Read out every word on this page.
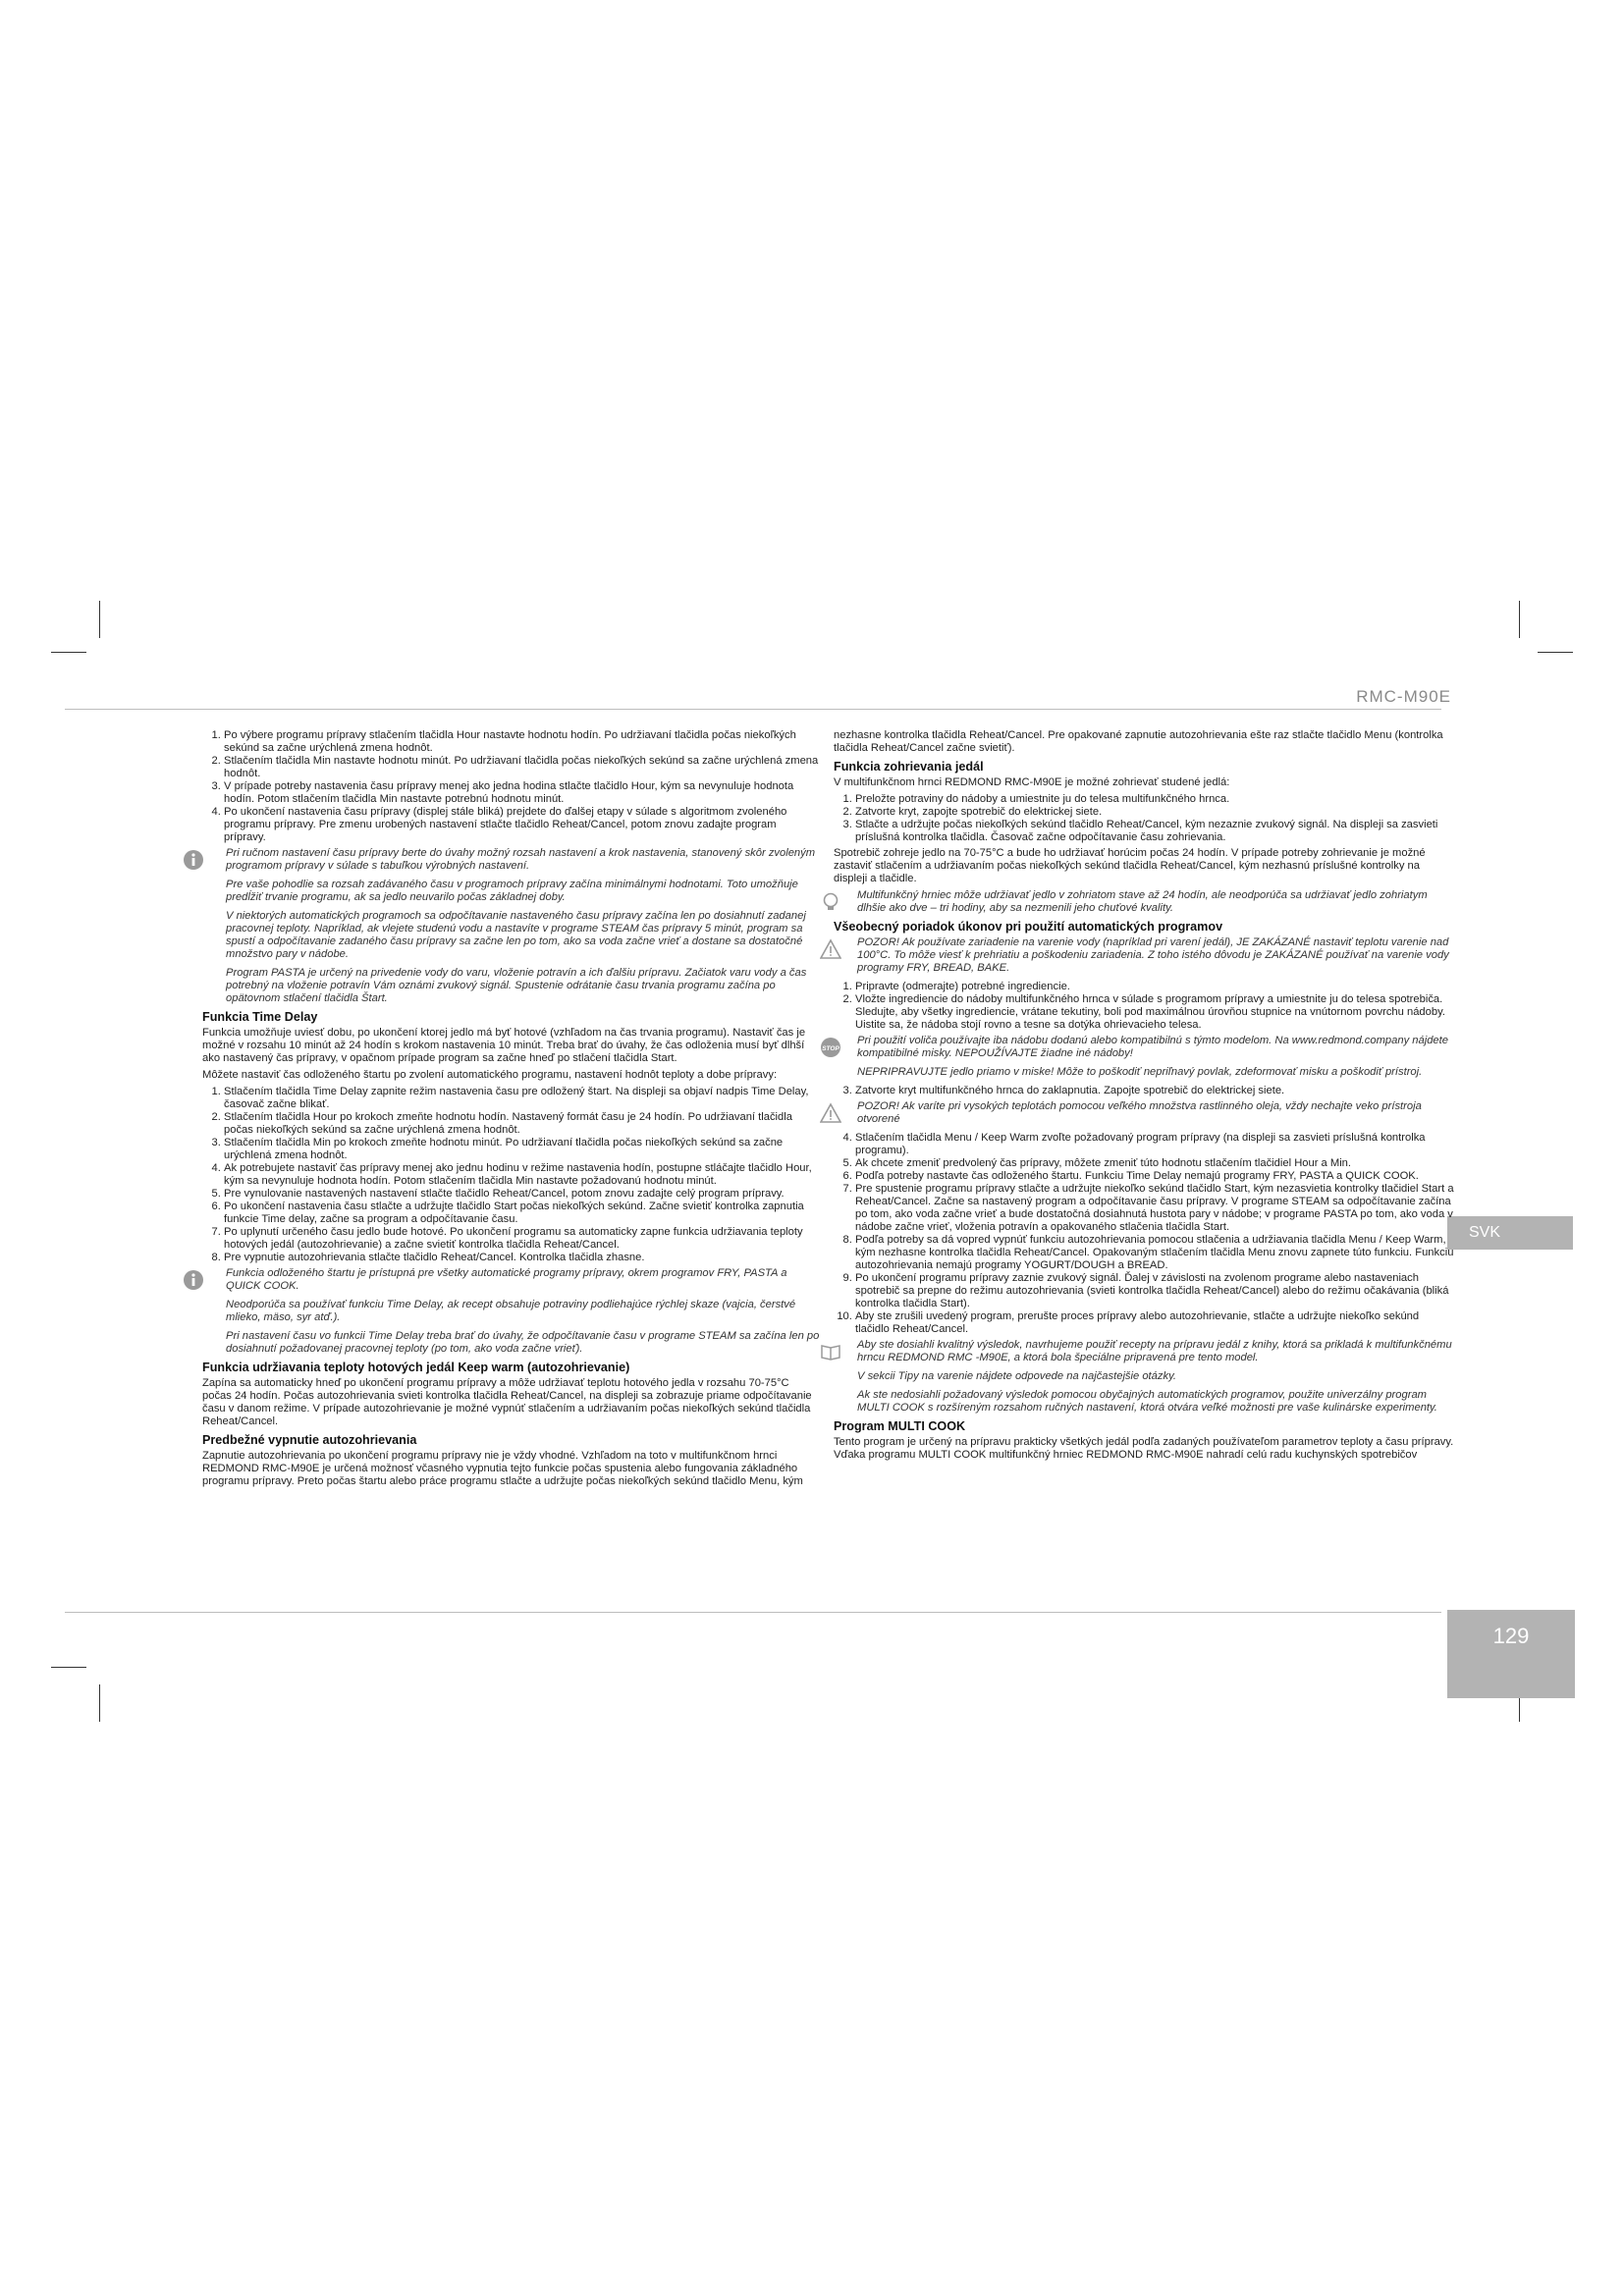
RMC-M90E
SVK
129
1. Po výbere programu prípravy stlačením tlačidla Hour nastavte hodnotu hodín. Po udržiavaní tlačidla počas niekoľkých sekúnd sa začne urýchlená zmena hodnôt.
2. Stlačením tlačidla Min nastavte hodnotu minút. Po udržiavaní tlačidla počas niekoľkých sekúnd sa začne urýchlená zmena hodnôt.
3. V prípade potreby nastavenia času prípravy menej ako jedna hodina stlačte tlačidlo Hour, kým sa nevynuluje hodnota hodín. Potom stlačením tlačidla Min nastavte potrebnú hodnotu minút.
4. Po ukončení nastavenia času prípravy (displej stále bliká) prejdete do ďalšej etapy v súlade s algoritmom zvoleného programu prípravy. Pre zmenu urobených nastavení stlačte tlačidlo Reheat/Cancel, potom znovu zadajte program prípravy.

Pri ručnom nastavení času prípravy berte do úvahy možný rozsah nastavení a krok nastavenia, stanovený skôr zvoleným programom prípravy v súlade s tabuľkou výrobných nastavení.

Pre vaše pohodlie sa rozsah zadávaného času v programoch prípravy začína minimálnymi hodnotami. Toto umožňuje predĺžiť trvanie programu, ak sa jedlo neuvarilo počas základnej doby.

V niektorých automatických programoch sa odpočítavanie nastaveného času prípravy začína len po dosiahnutí zadanej pracovnej teploty. Napríklad, ak vlejete studenú vodu a nastavíte v programe STEAM čas prípravy 5 minút, program sa spustí a odpočítavanie zadaného času prípravy sa začne len po tom, ako sa voda začne vrieť a dostane sa dostatočné množstvo pary v nádobe.

Program PASTA je určený na privedenie vody do varu, vloženie potravín a ich ďalšiu prípravu. Začiatok varu vody a čas potrebný na vloženie potravín Vám oznámi zvukový signál. Spustenie odrátanie času trvania programu začína po opätovnom stlačení tlačidla Štart.

Funkcia Time Delay

Funkcia umožňuje uviesť dobu, po ukončení ktorej jedlo má byť hotové (vzhľadom na čas trvania programu). Nastaviť čas je možné v rozsahu 10 minút až 24 hodín s krokom nastavenia 10 minút. Treba brať do úvahy, že čas odloženia musí byť dlhší ako nastavený čas prípravy, v opačnom prípade program sa začne hneď po stlačení tlačidla Start.

Môžete nastaviť čas odloženého štartu po zvolení automatického programu, nastavení hodnôt teploty a dobe prípravy:

1. Stlačením tlačidla Time Delay zapnite režim nastavenia času pre odložený štart. Na displeji sa objaví nadpis Time Delay, časovač začne blikať.
2. Stlačením tlačidla Hour po krokoch zmeňte hodnotu hodín. Nastavený formát času je 24 hodín. Po udržiavaní tlačidla počas niekoľkých sekúnd sa začne urýchlená zmena hodnôt.
3. Stlačením tlačidla Min po krokoch zmeňte hodnotu minút. Po udržiavaní tlačidla počas niekoľkých sekúnd sa začne urýchlená zmena hodnôt.
4. Ak potrebujete nastaviť čas prípravy menej ako jednu hodinu v režime nastavenia hodín, postupne stláčajte tlačidlo Hour, kým sa nevynuluje hodnota hodín. Potom stlačením tlačidla Min nastavte požadovanú hodnotu minút.
5. Pre vynulovanie nastavených nastavení stlačte tlačidlo Reheat/Cancel, potom znovu zadajte celý program prípravy.
6. Po ukončení nastavenia času stlačte a udržujte tlačidlo Start počas niekoľkých sekúnd. Začne svietiť kontrolka zapnutia funkcie Time delay, začne sa program a odpočítavanie času.
7. Po uplynutí určeného času jedlo bude hotové. Po ukončení programu sa automaticky zapne funkcia udržiavania teploty hotových jedál (autozohrievanie) a začne svietiť kontrolka tlačidla Reheat/Cancel.
8. Pre vypnutie autozohrievania stlačte tlačidlo Reheat/Cancel. Kontrolka tlačidla zhasne.

Funkcia odloženého štartu je prístupná pre všetky automatické programy prípravy, okrem programov FRY, PASTA a QUICK COOK.

Neodporúča sa používať funkciu Time Delay, ak recept obsahuje potraviny podliehajúce rýchlej skaze (vajcia, čerstvé mlieko, mäso, syr atď.).

Pri nastavení času vo funkcii Time Delay treba brať do úvahy, že odpočítavanie času v programe STEAM sa začína len po dosiahnutí požadovanej pracovnej teploty (po tom, ako voda začne vrieť).

Funkcia udržiavania teploty hotových jedál Keep warm (autozohrievanie)

Zapína sa automaticky hneď po ukončení programu prípravy a môže udržiavať teplotu hotového jedla v rozsahu 70-75°C počas 24 hodín. Počas autozohrievania svieti kontrolka tlačidla Reheat/Cancel, na displeji sa zobrazuje priame odpočítavanie času v danom režime. V prípade autozohrievanie je možné vypnúť stlačením a udržiavaním počas niekoľkých sekúnd tlačidla Reheat/Cancel.

Predbežné vypnutie autozohrievania

Zapnutie autozohrievania po ukončení programu prípravy nie je vždy vhodné. Vzhľadom na toto v multifunkčnom hrnci REDMOND RMC-M90E je určená možnosť včasného vypnutia tejto funkcie počas spustenia alebo fungovania základného programu prípravy. Preto počas štartu alebo práce programu stlačte a udržujte počas niekoľkých sekúnd tlačidlo Menu, kým

nezhasne kontrolka tlačidla Reheat/Cancel. Pre opakované zapnutie autozohrievania ešte raz stlačte tlačidlo Menu (kontrolka tlačidla Reheat/Cancel začne svietiť).

Funkcia zohrievania jedál

V multifunkčnom hrnci REDMOND RMC-M90E je možné zohrievať studené jedlá:

1. Preložte potraviny do nádoby a umiestnite ju do telesa multifunkčného hrnca.
2. Zatvorte kryt, zapojte spotrebič do elektrickej siete.
3. Stlačte a udržujte počas niekoľkých sekúnd tlačidlo Reheat/Cancel, kým nezaznie zvukový signál. Na displeji sa zasvieti príslušná kontrolka tlačidla. Časovač začne odpočítavanie času zohrievania.

Spotrebič zohreje jedlo na 70-75°C a bude ho udržiavať horúcim počas 24 hodín. V prípade potreby zohrievanie je možné zastaviť stlačením a udržiavaním počas niekoľkých sekúnd tlačidla Reheat/Cancel, kým nezhasnú príslušné kontrolky na displeji a tlačidle.

Multifunkčný hrniec môže udržiavať jedlo v zohriatom stave až 24 hodín, ale neodporúča sa udržiavať jedlo zohriatym dlhšie ako dve – tri hodiny, aby sa nezmenili jeho chuťové kvality.

Všeobecný poriadok úkonov pri použití automatických programov

POZOR! Ak používate zariadenie na varenie vody (napríklad pri varení jedál), JE ZAKÁZANÉ nastaviť teplotu varenie nad 100°C. To môže viesť k prehriatiu a poškodeniu zariadenia. Z toho istého dôvodu je ZAKÁZANÉ používať na varenie vody programy FRY, BREAD, BAKE.

1. Pripravte (odmerajte) potrebné ingrediencie.
2. Vložte ingrediencie do nádoby multifunkčného hrnca v súlade s programom prípravy a umiestnite ju do telesa spotrebiča. Sledujte, aby všetky ingrediencie, vrátane tekutiny, boli pod maximálnou úrovňou stupnice na vnútornom povrchu nádoby. Uistite sa, že nádoba stojí rovno a tesne sa dotýka ohrievacieho telesa.
STOP

Pri použití voliča používajte iba nádobu dodanú alebo kompatibilnú s týmto modelom. Na www.redmond.company nájdete kompatibilné misky. NEPOUŽÍVAJTE žiadne iné nádoby!

NEPRIPRAVUJTE jedlo priamo v miske! Môže to poškodiť nepriľnavý povlak, zdeformovať misku a poškodiť prístroj.

3. Zatvorte kryt multifunkčného hrnca do zaklapnutia. Zapojte spotrebič do elektrickej siete.

POZOR! Ak varíte pri vysokých teplotách pomocou veľkého množstva rastlinného oleja, vždy nechajte veko prístroja otvorené

4. Stlačením tlačidla Menu / Keep Warm zvoľte požadovaný program prípravy (na displeji sa zasvieti príslušná kontrolka programu).
5. Ak chcete zmeniť predvolený čas prípravy, môžete zmeniť túto hodnotu stlačením tlačidiel Hour a Min.
6. Podľa potreby nastavte čas odloženého štartu. Funkciu Time Delay nemajú programy FRY, PASTA a QUICK COOK.
7. Pre spustenie programu prípravy stlačte a udržujte niekoľko sekúnd tlačidlo Start, kým nezasvietia kontrolky tlačidiel Start a Reheat/Cancel. Začne sa nastavený program a odpočítavanie času prípravy. V programe STEAM sa odpočítavanie začína po tom, ako voda začne vrieť a bude dostatočná dosiahnutá hustota pary v nádobe; v programe PASTA po tom, ako voda v nádobe začne vrieť, vloženia potravín a opakovaného stlačenia tlačidla Start.
8. Podľa potreby sa dá vopred vypnúť funkciu autozohrievania pomocou stlačenia a udržiavania tlačidla Menu / Keep Warm, kým nezhasne kontrolka tlačidla Reheat/Cancel. Opakovaným stlačením tlačidla Menu znovu zapnete túto funkciu. Funkciu autozohrievania nemajú programy YOGURT/DOUGH a BREAD.
9. Po ukončení programu prípravy zaznie zvukový signál. Ďalej v závislosti na zvolenom programe alebo nastaveniach spotrebič sa prepne do režimu autozohrievania (svieti kontrolka tlačidla Reheat/Cancel) alebo do režimu očakávania (bliká kontrolka tlačidla Start).
10. Aby ste zrušili uvedený program, prerušte proces prípravy alebo autozohrievanie, stlačte a udržujte niekoľko sekúnd tlačidlo Reheat/Cancel.

Aby ste dosiahli kvalitný výsledok, navrhujeme použiť recepty na prípravu jedál z knihy, ktorá sa prikladá k multifunkčnému hrncu REDMOND RMC -M90E, a ktorá bola špeciálne pripravená pre tento model.

V sekcii Tipy na varenie nájdete odpovede na najčastejšie otázky.

Ak ste nedosiahli požadovaný výsledok pomocou obyčajných automatických programov, použite univerzálny program MULTI COOK s rozšíreným rozsahom ručných nastavení, ktorá otvára veľké možnosti pre vaše kulinárske experimenty.

Program MULTI COOK

Tento program je určený na prípravu prakticky všetkých jedál podľa zadaných používateľom parametrov teploty a času prípravy. Vďaka programu MULTI COOK multifunkčný hrniec REDMOND RMC-M90E nahradí celú radu kuchynských spotrebičov
